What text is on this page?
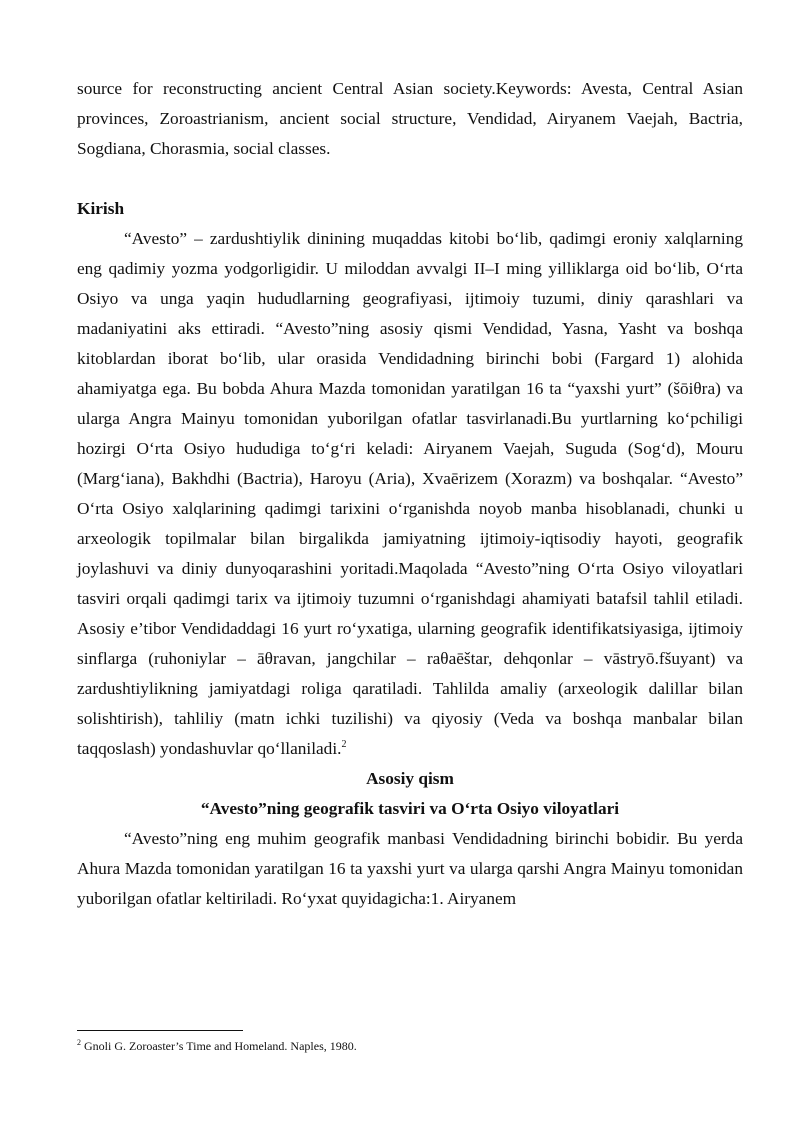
source for reconstructing ancient Central Asian society.Keywords: Avesta, Central Asian provinces, Zoroastrianism, ancient social structure, Vendidad, Airyanem Vaejah, Bactria, Sogdiana, Chorasmia, social classes.

Kirish

“Avesto” – zardushtiylik dinining muqaddas kitobi bo‘lib, qadimgi eroniy xalqlarning eng qadimiy yozma yodgorligidir. U miloddan avvalgi II–I ming yilliklarga oid bo‘lib, O‘rta Osiyo va unga yaqin hududlarning geografiyasi, ijtimoiy tuzumi, diniy qarashlari va madaniyatini aks ettiradi. “Avesto”ning asosiy qismi Vendidad, Yasna, Yasht va boshqa kitoblardan iborat bo‘lib, ular orasida Vendidadning birinchi bobi (Fargard 1) alohida ahamiyatga ega. Bu bobda Ahura Mazda tomonidan yaratilgan 16 ta “yaxshi yurt” (šōiθra) va ularga Angra Mainyu tomonidan yuborilgan ofatlar tasvirlanadi.Bu yurtlarning ko‘pchiligi hozirgi O‘rta Osiyo hududiga to‘g‘ri keladi: Airyanem Vaejah, Suguda (Sog‘d), Mouru (Marg‘iana), Bakhdhi (Bactria), Haroyu (Aria), Xvaērizem (Xorazm) va boshqalar. “Avesto” O‘rta Osiyo xalqlarining qadimgi tarixini o‘rganishda noyob manba hisoblanadi, chunki u arxeologik topilmalar bilan birgalikda jamiyatning ijtimoiy-iqtisodiy hayoti, geografik joylashuvi va diniy dunyoqarashini yoritadi.Maqolada “Avesto”ning O‘rta Osiyo viloyatlari tasviri orqali qadimgi tarix va ijtimoiy tuzumni o‘rganishdagi ahamiyati batafsil tahlil etiladi. Asosiy e’tibor Vendidaddagi 16 yurt ro‘yxatiga, ularning geografik identifikatsiyasiga, ijtimoiy sinflarga (ruhoniylar – āθravan, jangchilar – raθaēštar, dehqonlar – vāstryō.fšuyant) va zardushtiylikning jamiyatdagi roliga qaratiladi. Tahlilda amaliy (arxeologik dalillar bilan solishtirish), tahliliy (matn ichki tuzilishi) va qiyosiy (Veda va boshqa manbalar bilan taqqoslash) yondashuvlar qo‘llaniladi.$^2$

Asosiy qism
“Avesto”ning geografik tasviri va O‘rta Osiyo viloyatlari

“Avesto”ning eng muhim geografik manbasi Vendidadning birinchi bobidir. Bu yerda Ahura Mazda tomonidan yaratilgan 16 ta yaxshi yurt va ularga qarshi Angra Mainyu tomonidan yuborilgan ofatlar keltiriladi. Ro‘yxat quyidagicha:1. Airyanem

$^2$ Gnoli G. Zoroaster’s Time and Homeland. Naples, 1980.
